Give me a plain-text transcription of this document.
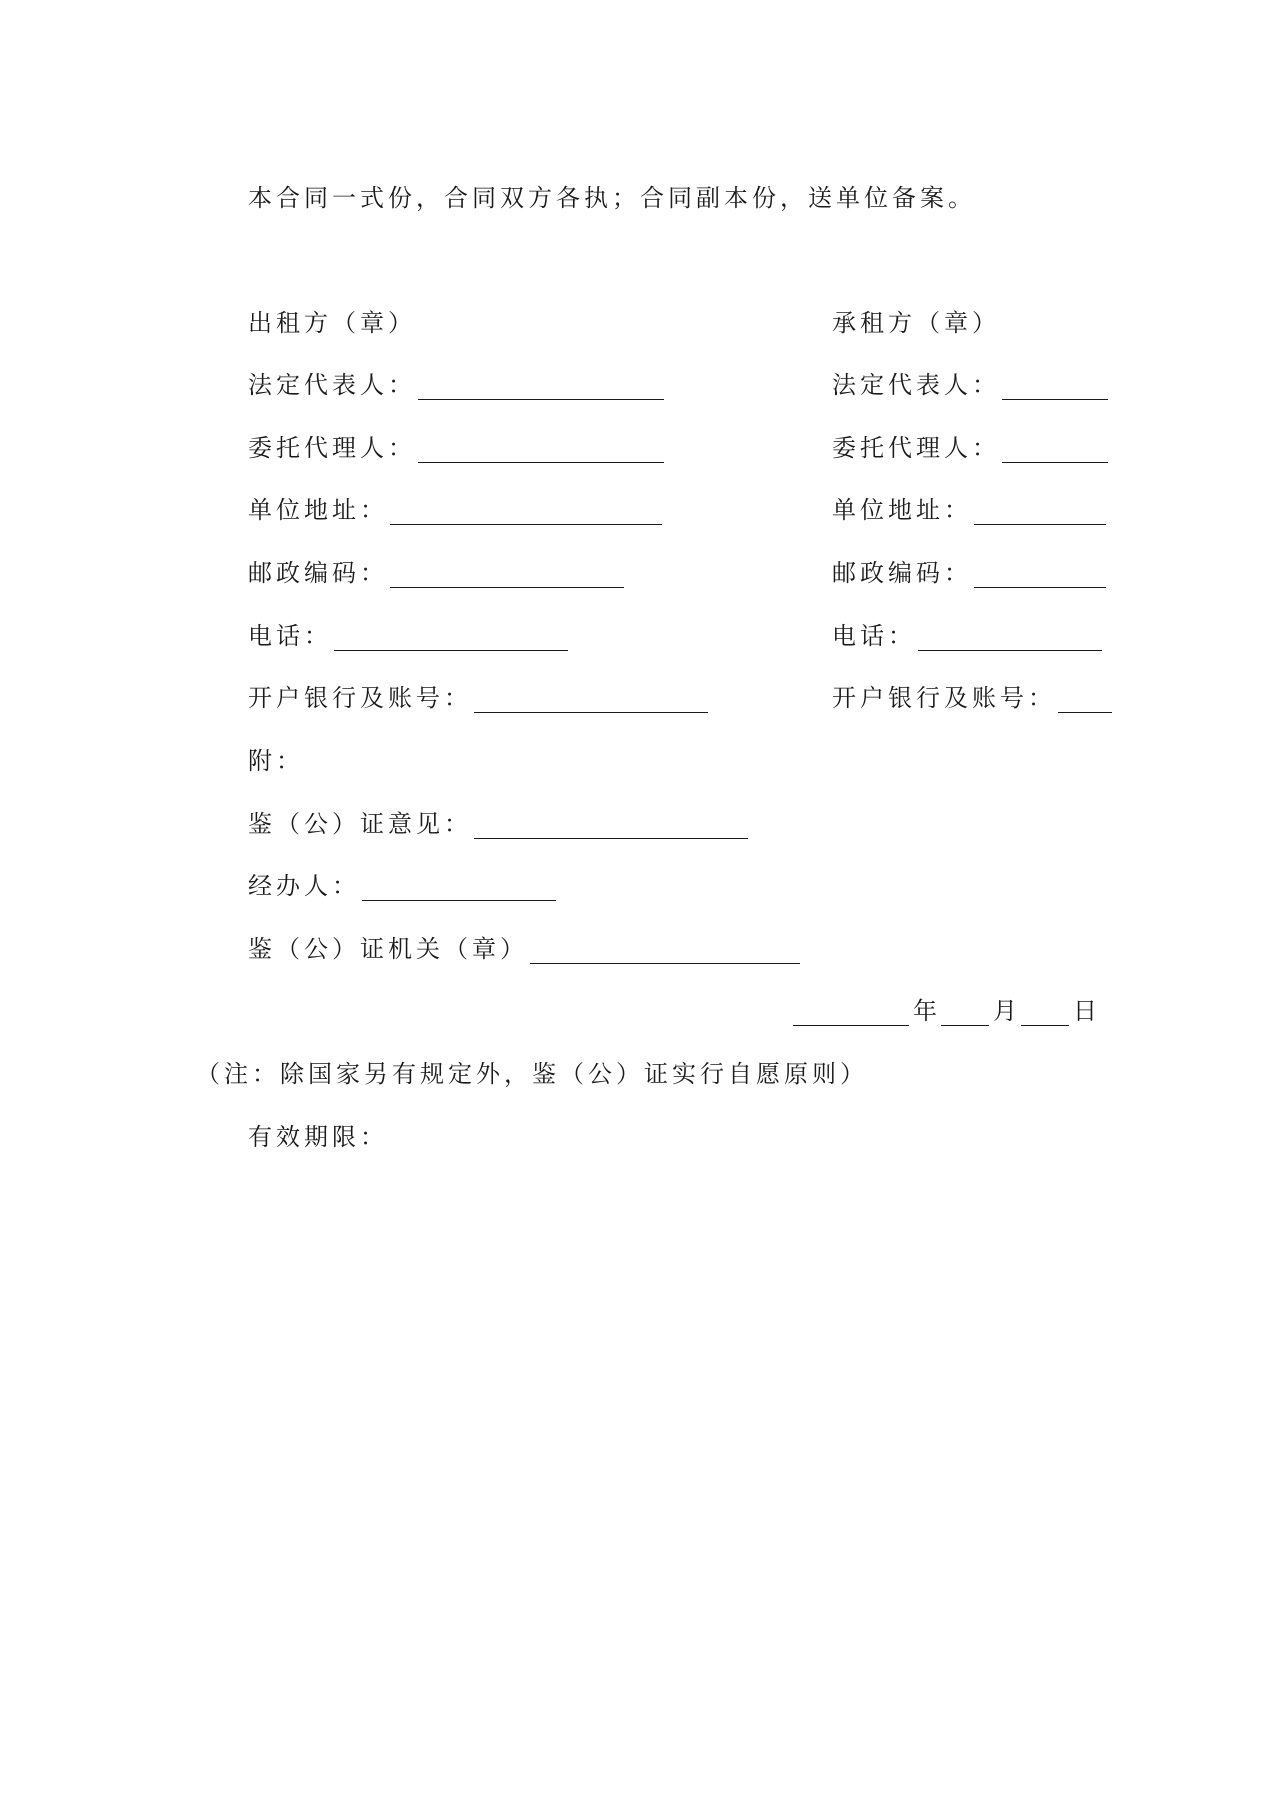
本合同一式份，合同双方各执；合同副本份，送单位备案。
出租方（章）
法定代表人：
委托代理人：
单位地址：
邮政编码：
电话：
开户银行及账号：
承租方（章）
法定代表人：
委托代理人：
单位地址：
邮政编码：
电话：
开户银行及账号：
附：
鉴（公）证意见：
经办人：
鉴（公）证机关（章）
年 月 日
（注：除国家另有规定外，鉴（公）证实行自愿原则）
有效期限：
